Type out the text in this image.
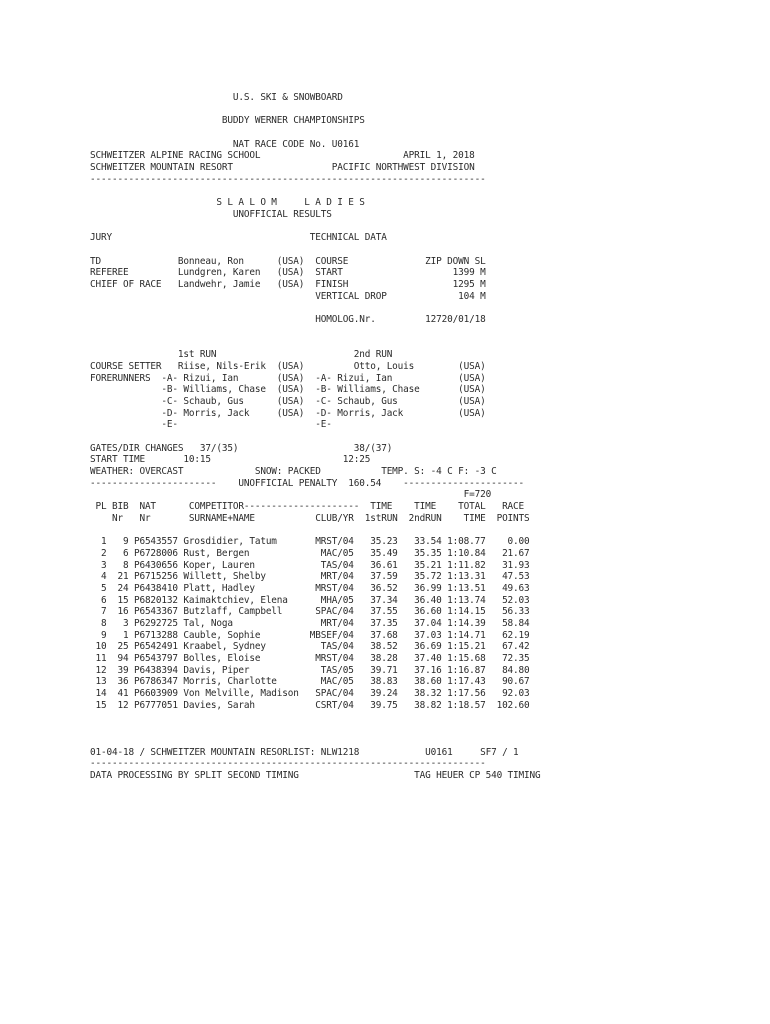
U.S. SKI & SNOWBOARD
BUDDY WERNER CHAMPIONSHIPS
NAT RACE CODE No. U0161
SCHWEITZER ALPINE RACING SCHOOL                          APRIL 1, 2018
SCHWEITZER MOUNTAIN RESORT                  PACIFIC NORTHWEST DIVISION
------------------------------------------------------------------------
S L A L O M     L A D I E S
UNOFFICIAL RESULTS
JURY                                    TECHNICAL DATA
TD              Bonneau, Ron      (USA)  COURSE              ZIP DOWN SL
REFEREE         Lundgren, Karen   (USA)  START                    1399 M
CHIEF OF RACE   Landwehr, Jamie   (USA)  FINISH                   1295 M
VERTICAL DROP             104 M
HOMOLOG.Nr.         12720/01/18
1st RUN                         2nd RUN
COURSE SETTER   Riise, Nils-Erik  (USA)         Otto, Louis        (USA)
FORERUNNERS  -A- Rizui, Ian       (USA)  -A- Rizui, Ian            (USA)
-B- Williams, Chase  (USA)  -B- Williams, Chase       (USA)
-C- Schaub, Gus      (USA)  -C- Schaub, Gus           (USA)
-D- Morris, Jack     (USA)  -D- Morris, Jack          (USA)
-E-                         -E-
GATES/DIR CHANGES   37/(35)                     38/(37)
START TIME       10:15                        12:25
WEATHER: OVERCAST             SNOW: PACKED           TEMP. S: -4 C F: -3 C
-----------------------    UNOFFICIAL PENALTY  160.54    ----------------------
F=720
PL BIB  NAT      COMPETITOR---------------------  TIME    TIME    TOTAL   RACE
Nr   Nr       SURNAME+NAME           CLUB/YR  1stRUN  2ndRUN    TIME  POINTS
1   9 P6543557 Grosdidier, Tatum       MRST/04   35.23   33.54 1:08.77    0.00
2   6 P6728006 Rust, Bergen             MAC/05   35.49   35.35 1:10.84   21.67
3   8 P6430656 Koper, Lauren            TAS/04   36.61   35.21 1:11.82   31.93
4  21 P6715256 Willett, Shelby          MRT/04   37.59   35.72 1:13.31   47.53
5  24 P6438410 Platt, Hadley           MRST/04   36.52   36.99 1:13.51   49.63
6  15 P6820132 Kaimaktchiev, Elena      MHA/05   37.34   36.40 1:13.74   52.03
7  16 P6543367 Butzlaff, Campbell      SPAC/04   37.55   36.60 1:14.15   56.33
8   3 P6292725 Tal, Noga                MRT/04   37.35   37.04 1:14.39   58.84
9   1 P6713288 Cauble, Sophie         MBSEF/04   37.68   37.03 1:14.71   62.19
10  25 P6542491 Kraabel, Sydney          TAS/04   38.52   36.69 1:15.21   67.42
11  94 P6543797 Bolles, Eloise          MRST/04   38.28   37.40 1:15.68   72.35
12  39 P6438394 Davis, Piper             TAS/05   39.71   37.16 1:16.87   84.80
13  36 P6786347 Morris, Charlotte        MAC/05   38.83   38.60 1:17.43   90.67
14  41 P6603909 Von Melville, Madison   SPAC/04   39.24   38.32 1:17.56   92.03
15  12 P6777051 Davies, Sarah           CSRT/04   39.75   38.82 1:18.57  102.60
01-04-18 / SCHWEITZER MOUNTAIN RESORLIST: NLW1218            U0161     SF7 / 1
------------------------------------------------------------------------
DATA PROCESSING BY SPLIT SECOND TIMING                     TAG HEUER CP 540 TIMING
